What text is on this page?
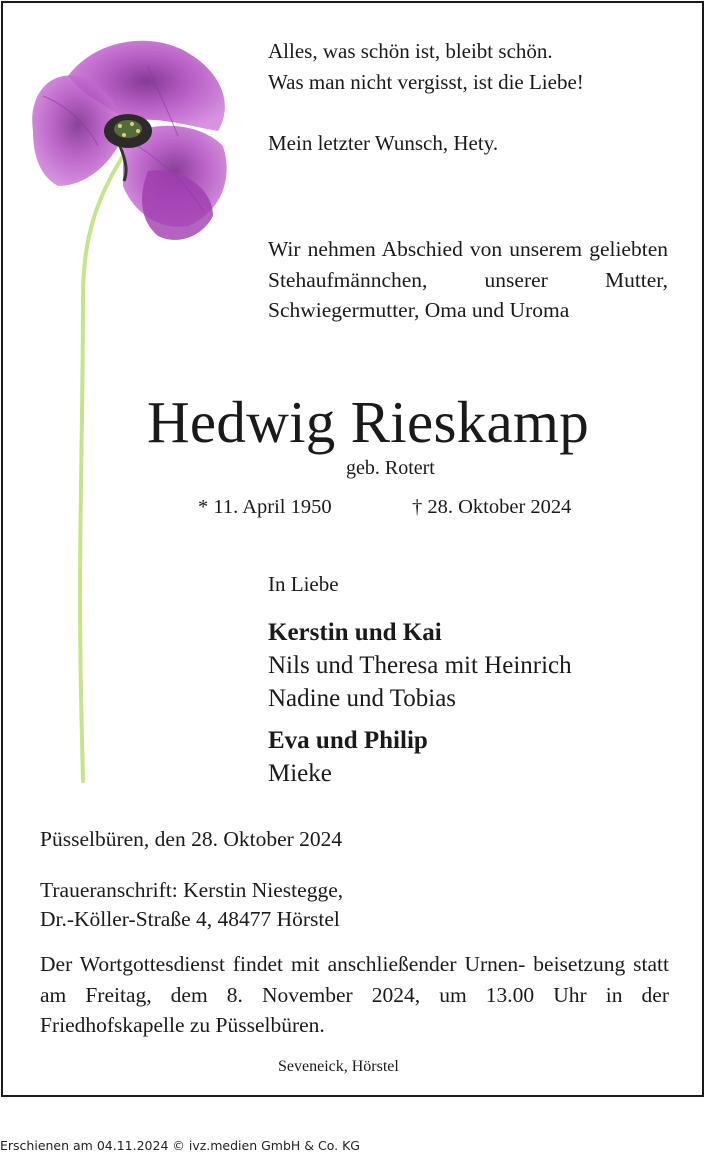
Alles, was schön ist, bleibt schön.
Was man nicht vergisst, ist die Liebe!
Mein letzter Wunsch, Hety.
Wir nehmen Abschied von unserem geliebten Stehaufmännchen, unserer Mutter, Schwiegermutter, Oma und Uroma
Hedwig Rieskamp
geb. Rotert
* 11. April 1950	† 28. Oktober 2024
In Liebe
Kerstin und Kai
Nils und Theresa mit Heinrich
Nadine und Tobias
Eva und Philip
Mieke
Püsselbüren, den 28. Oktober 2024
Traueranschrift: Kerstin Niestegge,
Dr.-Köller-Straße 4, 48477 Hörstel
Der Wortgottesdienst findet mit anschließender Urnen- beisetzung statt am Freitag, dem 8. November 2024, um 13.00 Uhr in der Friedhofskapelle zu Püsselbüren.
Seveneick, Hörstel
Erschienen am 04.11.2024 © ivz.medien GmbH & Co. KG
